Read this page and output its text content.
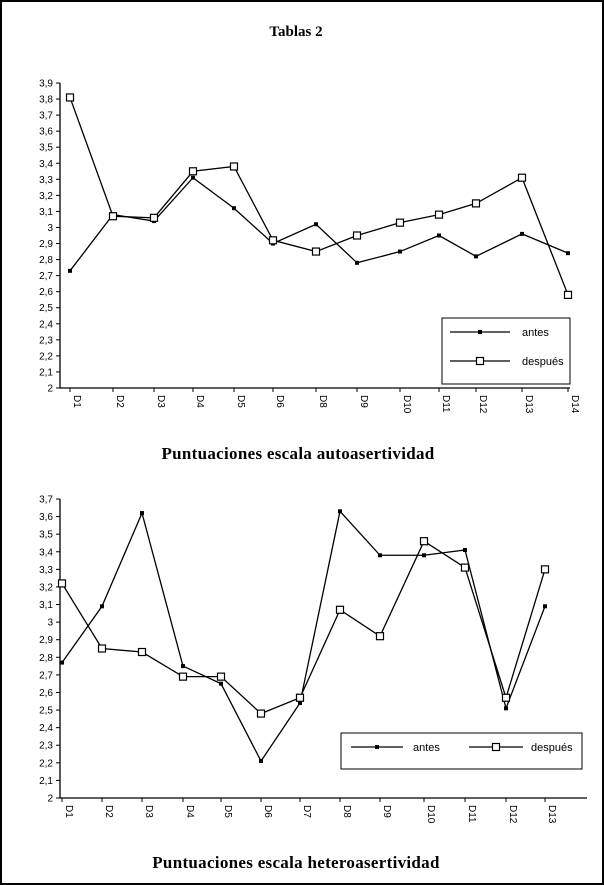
Tablas 2
2
2,1
2,2
2,3
2,4
2,5
2,6
2,7
2,8
2,9
3
3,1
3,2
3,3
3,4
3,5
3,6
3,7
3,8
3,9
D1	D2	D3	D4	D5	D6	D8	D9	D10	D11	D12	D13	D14
antes
después
Puntuaciones escala autoasertividad
2
2,1
2,2
2,3
2,4
2,5
2,6
2,7
2,8
2,9
3
3,1
3,2
3,3
3,4
3,5
3,6
3,7
D1	D2	D3	D4	D5	D6	D7	D8	D9	D10	D11	D12	D13
antes	después
Puntuaciones escala heteroasertividad
